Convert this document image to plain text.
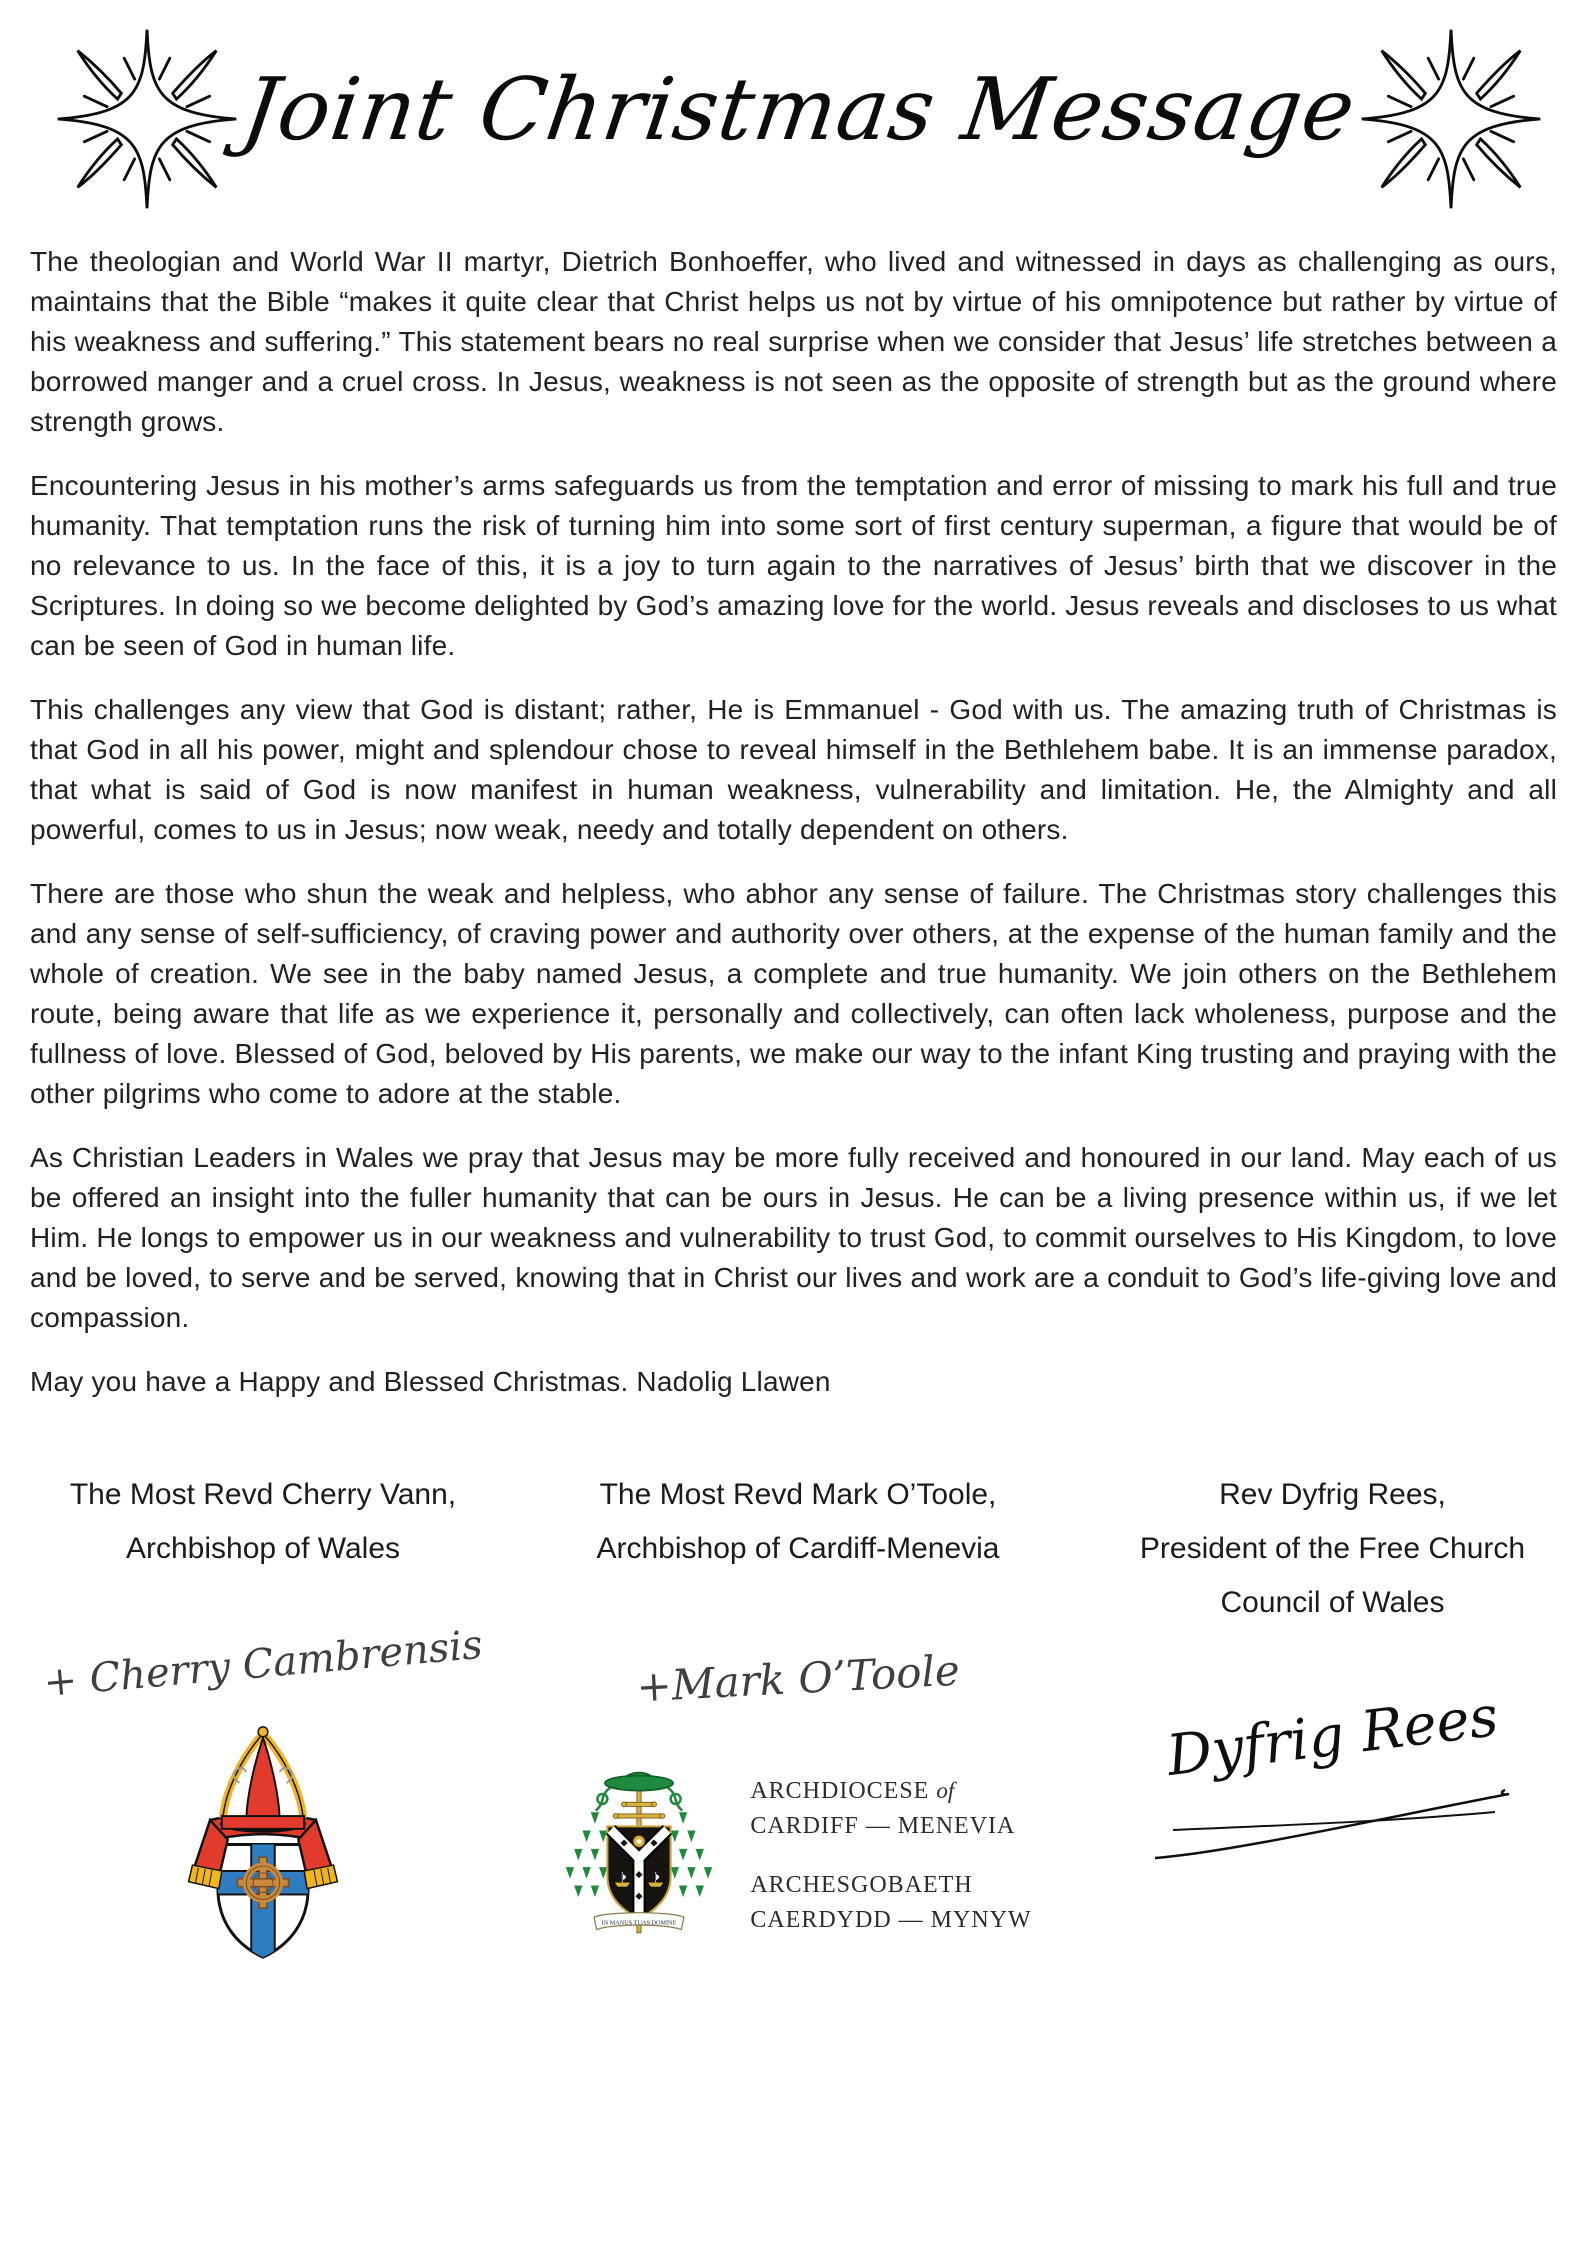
Joint Christmas Message

The theologian and World War II martyr, Dietrich Bonhoeffer, who lived and witnessed in days as challenging as ours, maintains that the Bible “makes it quite clear that Christ helps us not by virtue of his omnipotence but rather by virtue of his weakness and suffering.” This statement bears no real surprise when we consider that Jesus’ life stretches between a borrowed manger and a cruel cross. In Jesus, weakness is not seen as the opposite of strength but as the ground where strength grows.

Encountering Jesus in his mother’s arms safeguards us from the temptation and error of missing to mark his full and true humanity. That temptation runs the risk of turning him into some sort of first century superman, a figure that would be of no relevance to us. In the face of this, it is a joy to turn again to the narratives of Jesus’ birth that we discover in the Scriptures. In doing so we become delighted by God’s amazing love for the world. Jesus reveals and discloses to us what can be seen of God in human life.

This challenges any view that God is distant; rather, He is Emmanuel - God with us. The amazing truth of Christmas is that God in all his power, might and splendour chose to reveal himself in the Bethlehem babe. It is an immense paradox, that what is said of God is now manifest in human weakness, vulnerability and limitation. He, the Almighty and all powerful, comes to us in Jesus; now weak, needy and totally dependent on others.

There are those who shun the weak and helpless, who abhor any sense of failure. The Christmas story challenges this and any sense of self-sufficiency, of craving power and authority over others, at the expense of the human family and the whole of creation. We see in the baby named Jesus, a complete and true humanity. We join others on the Bethlehem route, being aware that life as we experience it, personally and collectively, can often lack wholeness, purpose and the fullness of love. Blessed of God, beloved by His parents, we make our way to the infant King trusting and praying with the other pilgrims who come to adore at the stable.

As Christian Leaders in Wales we pray that Jesus may be more fully received and honoured in our land. May each of us be offered an insight into the fuller humanity that can be ours in Jesus. He can be a living presence within us, if we let Him. He longs to empower us in our weakness and vulnerability to trust God, to commit ourselves to His Kingdom, to love and be loved, to serve and be served, knowing that in Christ our lives and work are a conduit to God’s life-giving love and compassion.

May you have a Happy and Blessed Christmas. Nadolig Llawen

The Most Revd Cherry Vann,
Archbishop of Wales
+ Cherry Cambrensis
The Most Revd Mark O’Toole,
Archbishop of Cardiff-Menevia
+Mark O’Toole
IN MANUS TUAS DOMINE
ARCHDIOCESE of
CARDIFF — MENEVIA
ARCHESGOBAETH
CAERDYDD — MYNYW
Rev Dyfrig Rees,
President of the Free Church
Council of Wales
Dyfrig Rees
